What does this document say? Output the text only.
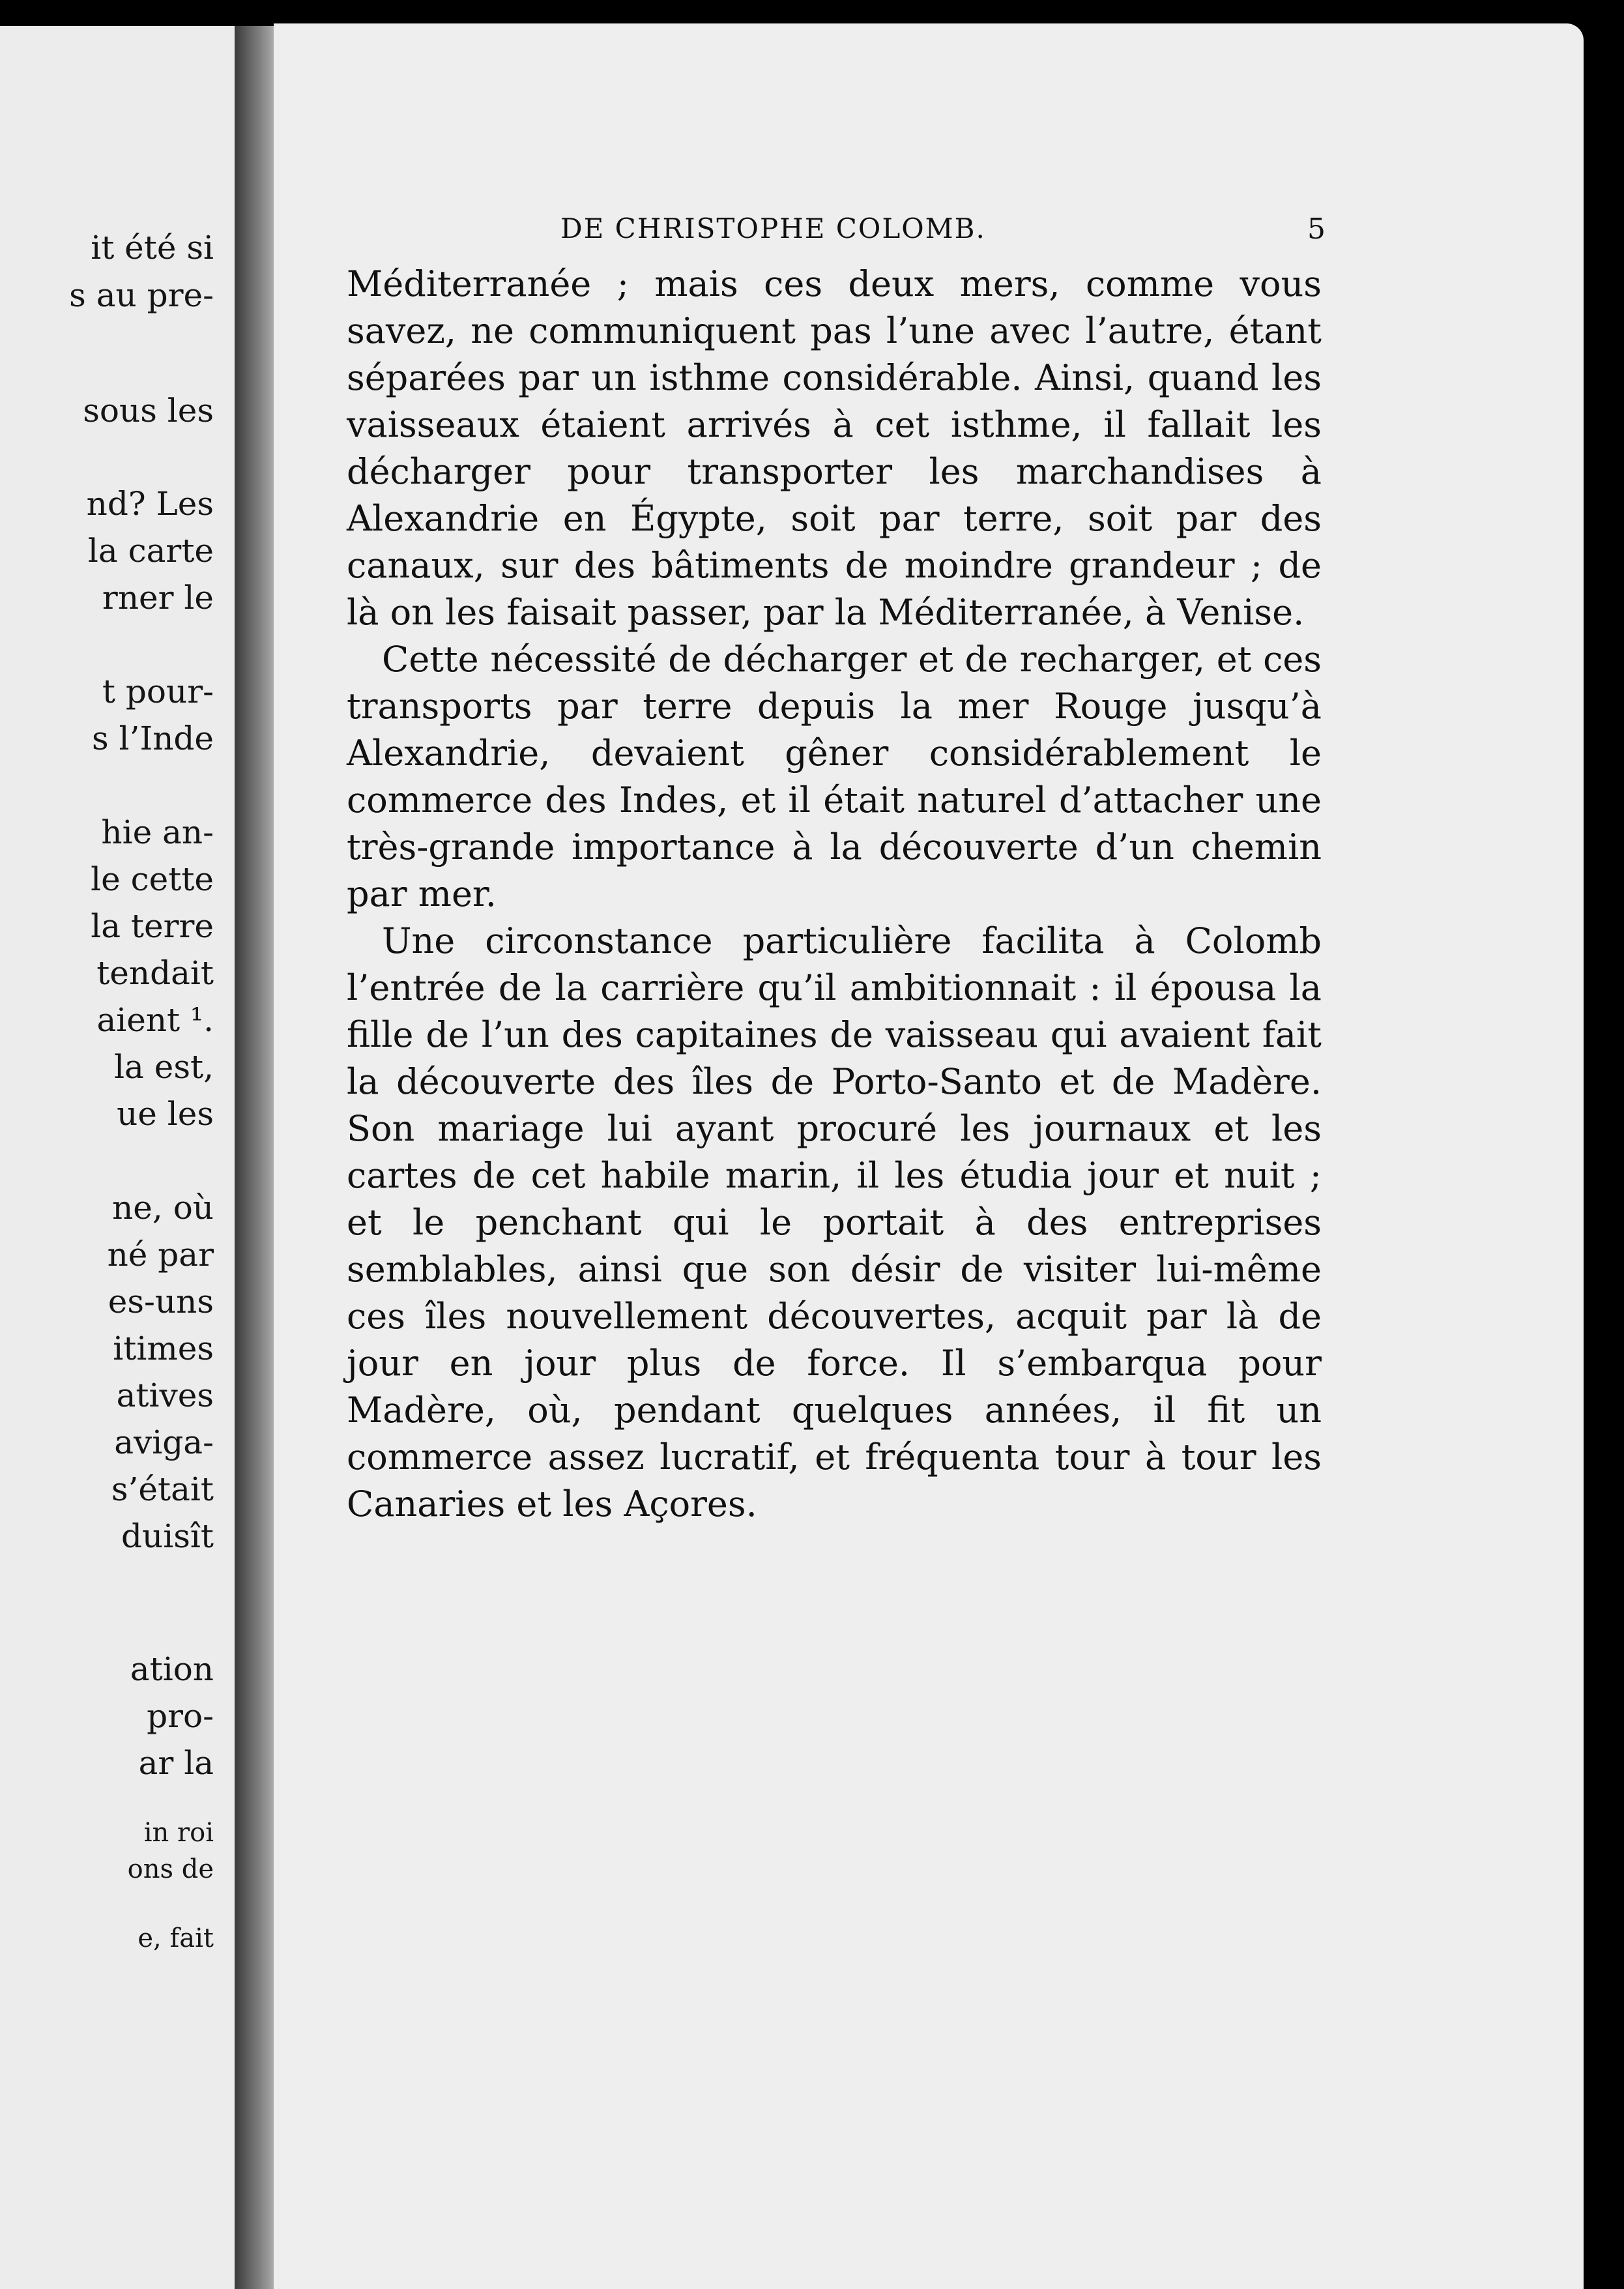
it été si
s au pre-
sous les
nd? Les
la carte
rner le
t pour-
s l’Inde
hie an-
le cette
la terre
tendait
aient ¹.
la est,
ue les
ne, où
né par
es-uns
itimes
atives
aviga-
s’était
duisît
ation
pro-
ar la
in roi
ons de
e, fait
DE CHRISTOPHE COLOMB.	5

Méditerranée ; mais ces deux mers, comme vous savez, ne communiquent pas l’une avec l’autre, étant séparées par un isthme considérable. Ainsi, quand les vaisseaux étaient arrivés à cet isthme, il fallait les décharger pour transporter les marchandises à Alexandrie en Égypte, soit par terre, soit par des canaux, sur des bâtiments de moindre grandeur ; de là on les faisait passer, par la Méditerranée, à Venise.

Cette nécessité de décharger et de recharger, et ces transports par terre depuis la mer Rouge jusqu’à Alexandrie, devaient gêner considérablement le commerce des Indes, et il était naturel d’attacher une très-grande importance à la découverte d’un chemin par mer.

Une circonstance particulière facilita à Colomb l’entrée de la carrière qu’il ambitionnait : il épousa la fille de l’un des capitaines de vaisseau qui avaient fait la découverte des îles de Porto-Santo et de Madère. Son mariage lui ayant procuré les journaux et les cartes de cet habile marin, il les étudia jour et nuit ; et le penchant qui le portait à des entreprises semblables, ainsi que son désir de visiter lui-même ces îles nouvellement découvertes, acquit par là de jour en jour plus de force. Il s’embarqua pour Madère, où, pendant quelques années, il fit un commerce assez lucratif, et fréquenta tour à tour les Canaries et les Açores.
